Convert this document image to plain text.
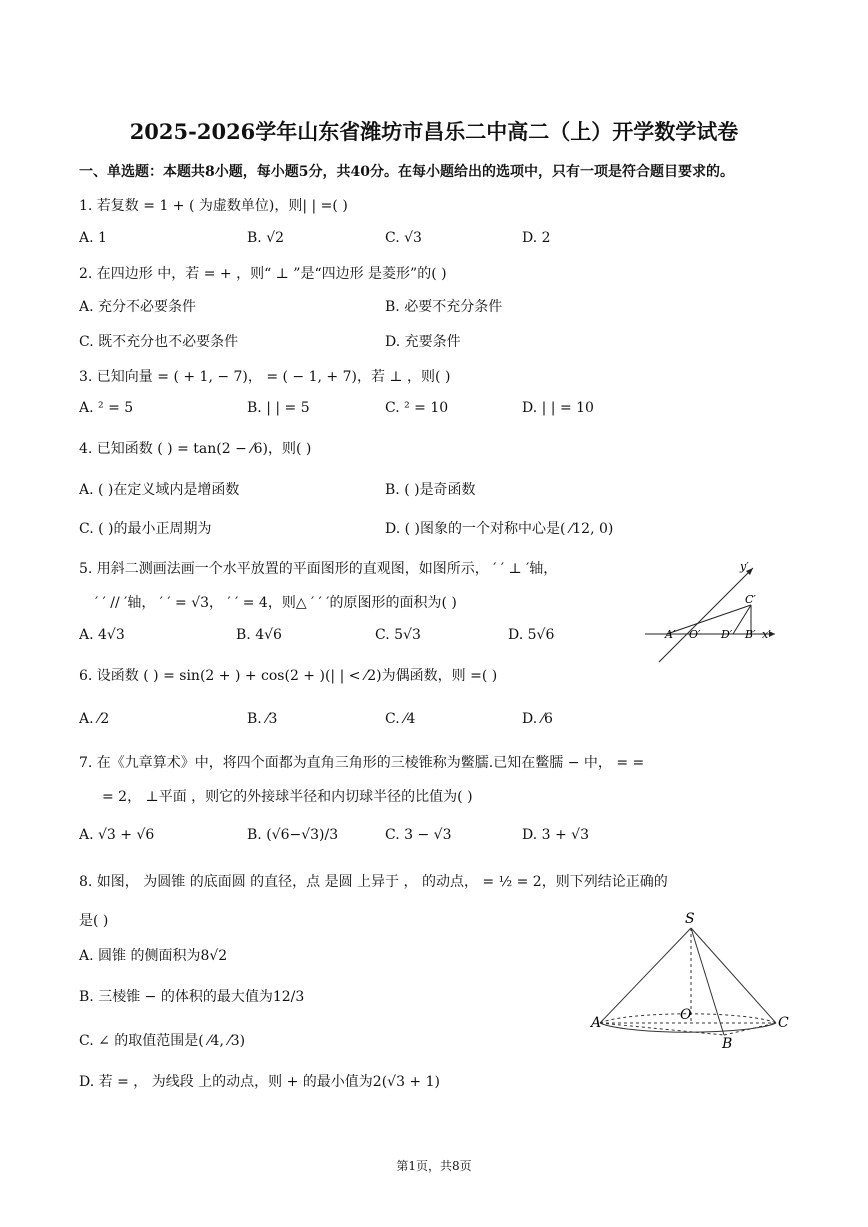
2025-2026学年山东省潍坊市昌乐二中高二（上）开学数学试卷
一、单选题：本题共8小题，每小题5分，共40分。在每小题给出的选项中，只有一项是符合题目要求的。
1. 若复数 = 1 + ( 为虚数单位)，则| | =( )
A. 1	B. √2	C. √3	D. 2
2. 在四边形 中，若 = + ，则“ ⊥ ”是“四边形 是菱形”的( )
A. 充分不必要条件	B. 必要不充分条件
C. 既不充分也不必要条件	D. 充要条件
3. 已知向量 = ( + 1, − 7)， = ( − 1, + 7)，若 ⊥ ，则( )
A. ² = 5	B. | | = 5	C. ² = 10	D. | | = 10
4. 已知函数 ( ) = tan(2 − ⁄6)，则( )
A. ( )在定义域内是增函数	B. ( )是奇函数
C. ( )的最小正周期为	D. ( )图象的一个对称中心是( ⁄12, 0)
5. 用斜二测画法画一个水平放置的平面图形的直观图，如图所示， ′ ′ ⊥ ′轴，
′ ′ // ′轴， ′ ′ = √3， ′ ′ = 4，则△ ′ ′ ′的原图形的面积为( )
A. 4√3	B. 4√6	C. 5√3	D. 5√6
y′
x′
A′ O′ D′ B′
C′
6. 设函数 ( ) = sin(2 + ) + cos(2 + )(| | < ⁄2)为偶函数，则 =( )
A. ⁄2	B. ⁄3	C. ⁄4	D. ⁄6
7. 在《九章算术》中，将四个面都为直角三角形的三棱锥称为鳖臑.已知在鳖臑 − 中， = =
= 2， ⊥平面 ，则它的外接球半径和内切球半径的比值为( )
A. √3 + √6	B. (√6−√3)/3	C. 3 − √3	D. 3 + √3
8. 如图， 为圆锥 的底面圆 的直径，点 是圆 上异于 ， 的动点， = ½ = 2，则下列结论正确的
是( )
A. 圆锥 的侧面积为8√2
B. 三棱锥 − 的体积的最大值为12/3
C. ∠ 的取值范围是( ⁄4, ⁄3)
D. 若 = ， 为线段 上的动点，则 + 的最小值为2(√3 + 1)
S
A	O
B
C
第1页，共8页
